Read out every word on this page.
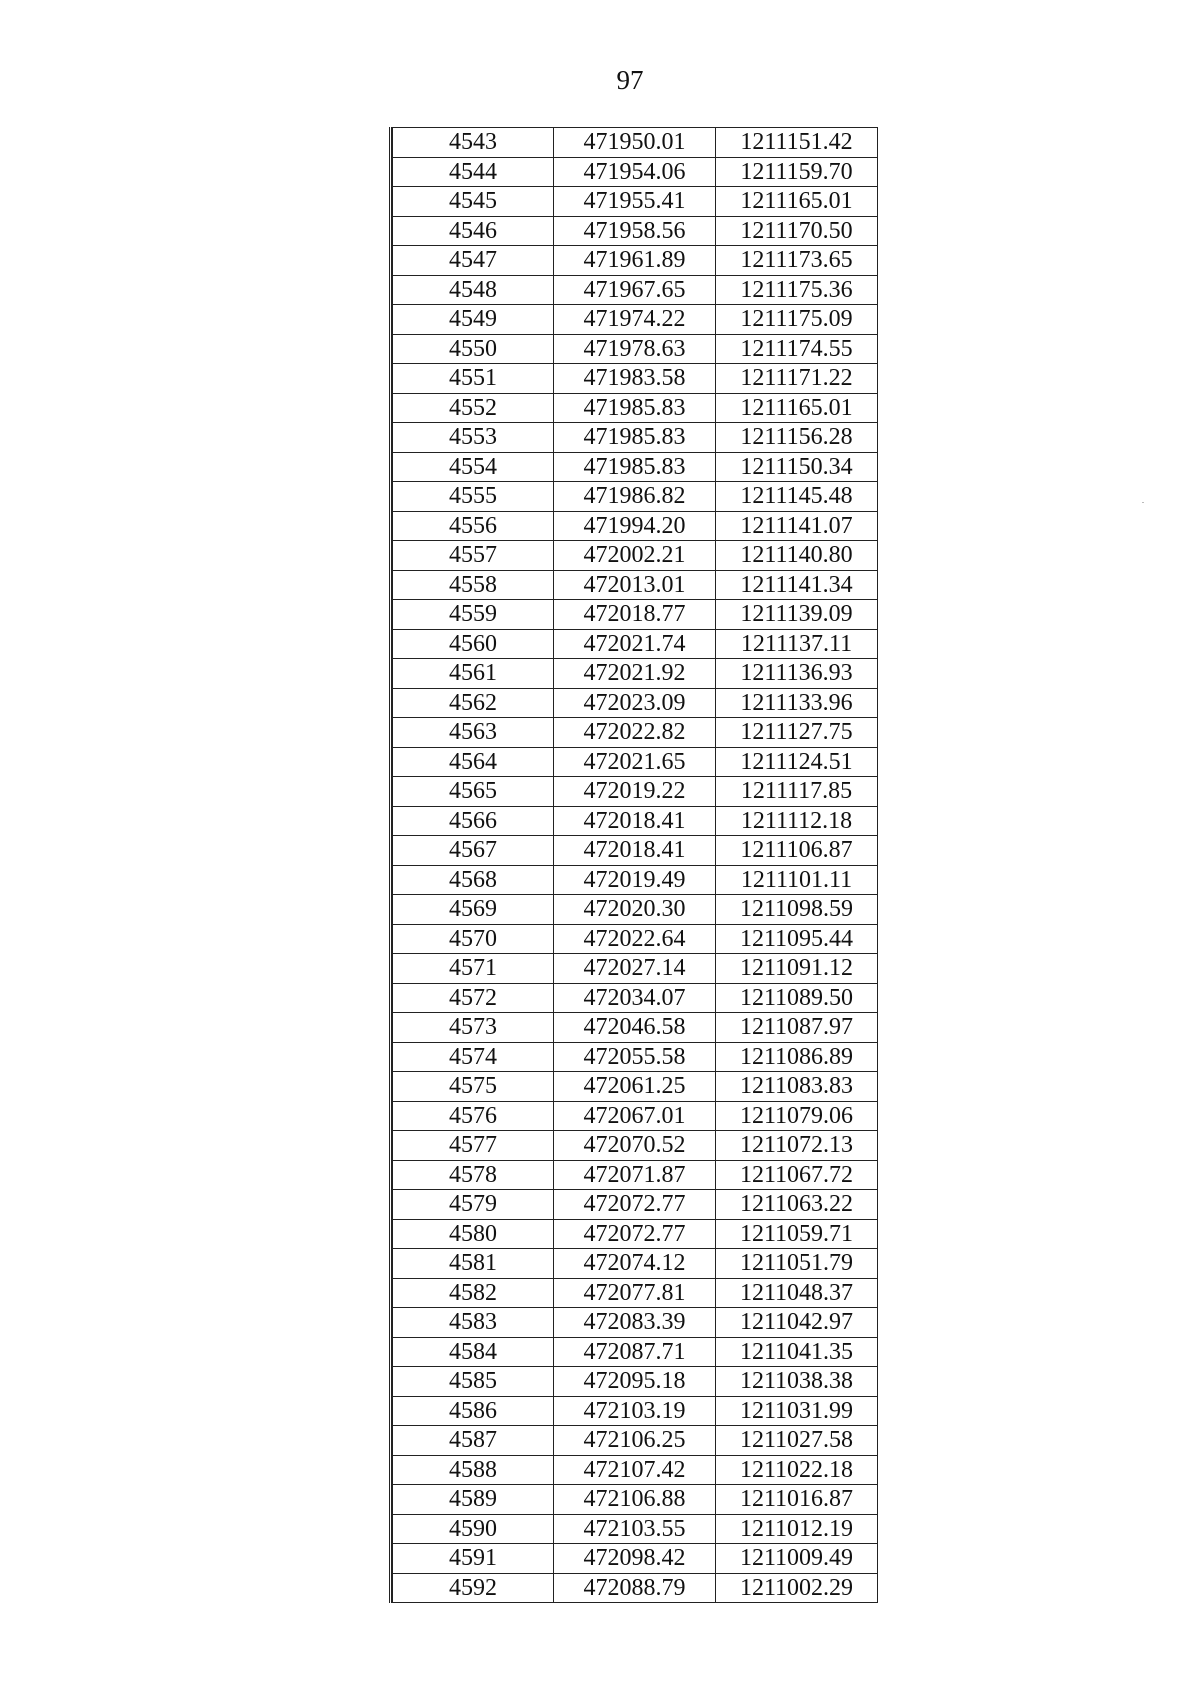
97
4543	471950.01	1211151.42
4544	471954.06	1211159.70
4545	471955.41	1211165.01
4546	471958.56	1211170.50
4547	471961.89	1211173.65
4548	471967.65	1211175.36
4549	471974.22	1211175.09
4550	471978.63	1211174.55
4551	471983.58	1211171.22
4552	471985.83	1211165.01
4553	471985.83	1211156.28
4554	471985.83	1211150.34
4555	471986.82	1211145.48
4556	471994.20	1211141.07
4557	472002.21	1211140.80
4558	472013.01	1211141.34
4559	472018.77	1211139.09
4560	472021.74	1211137.11
4561	472021.92	1211136.93
4562	472023.09	1211133.96
4563	472022.82	1211127.75
4564	472021.65	1211124.51
4565	472019.22	1211117.85
4566	472018.41	1211112.18
4567	472018.41	1211106.87
4568	472019.49	1211101.11
4569	472020.30	1211098.59
4570	472022.64	1211095.44
4571	472027.14	1211091.12
4572	472034.07	1211089.50
4573	472046.58	1211087.97
4574	472055.58	1211086.89
4575	472061.25	1211083.83
4576	472067.01	1211079.06
4577	472070.52	1211072.13
4578	472071.87	1211067.72
4579	472072.77	1211063.22
4580	472072.77	1211059.71
4581	472074.12	1211051.79
4582	472077.81	1211048.37
4583	472083.39	1211042.97
4584	472087.71	1211041.35
4585	472095.18	1211038.38
4586	472103.19	1211031.99
4587	472106.25	1211027.58
4588	472107.42	1211022.18
4589	472106.88	1211016.87
4590	472103.55	1211012.19
4591	472098.42	1211009.49
4592	472088.79	1211002.29
